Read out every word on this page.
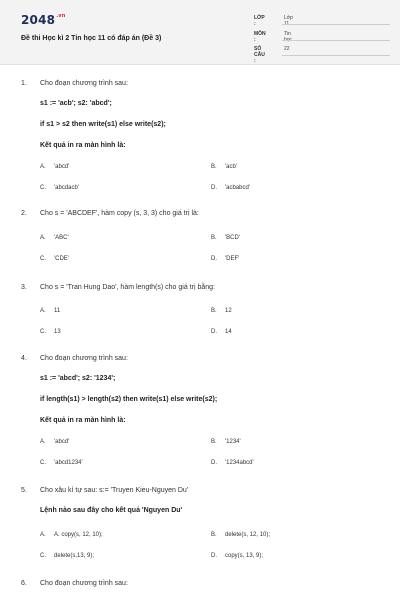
$2048^{.vn}$
Đề thi Học kì 2 Tin học 11 có đáp án (Đề 3)
LỚP :
Lớp 11
MÔN :
Tin học
SỐ CÂU :
22
1. Cho đoạn chương trình sau:
s1 := 'acb'; s2: 'abcd';
if s1 > s2 then write(s1) else write(s2);
Kết quả in ra màn hình là:
A. 'abcd'	B. 'acb'
C. 'abcdacb'	D. 'acbabcd'
2. Cho s = 'ABCDEF', hàm copy (s, 3, 3) cho giá trị là:
A. 'ABC'	B. 'BCD'
C. 'CDE'	D. 'DEF'
3. Cho s = 'Tran Hung Dao', hàm length(s) cho giá trị bằng:
A. 11	B. 12
C. 13	D. 14
4. Cho đoạn chương trình sau:
s1 := 'abcd'; s2: '1234';
if length(s1) > length(s2) then write(s1) else write(s2);
Kết quả in ra màn hình là:
A. 'abcd'	B. '1234'
C. 'abcd1234'	D. '1234abcd'
5. Cho xâu kí tự sau: s:= 'Truyen Kieu-Nguyen Du'
Lệnh nào sau đây cho kết quả 'Nguyen Du'
A. A. copy(s, 12, 10);	B. delete(s, 12, 10);
C. delete(s,13, 9);	D. copy(s, 13, 9);
6. Cho đoạn chương trình sau:
